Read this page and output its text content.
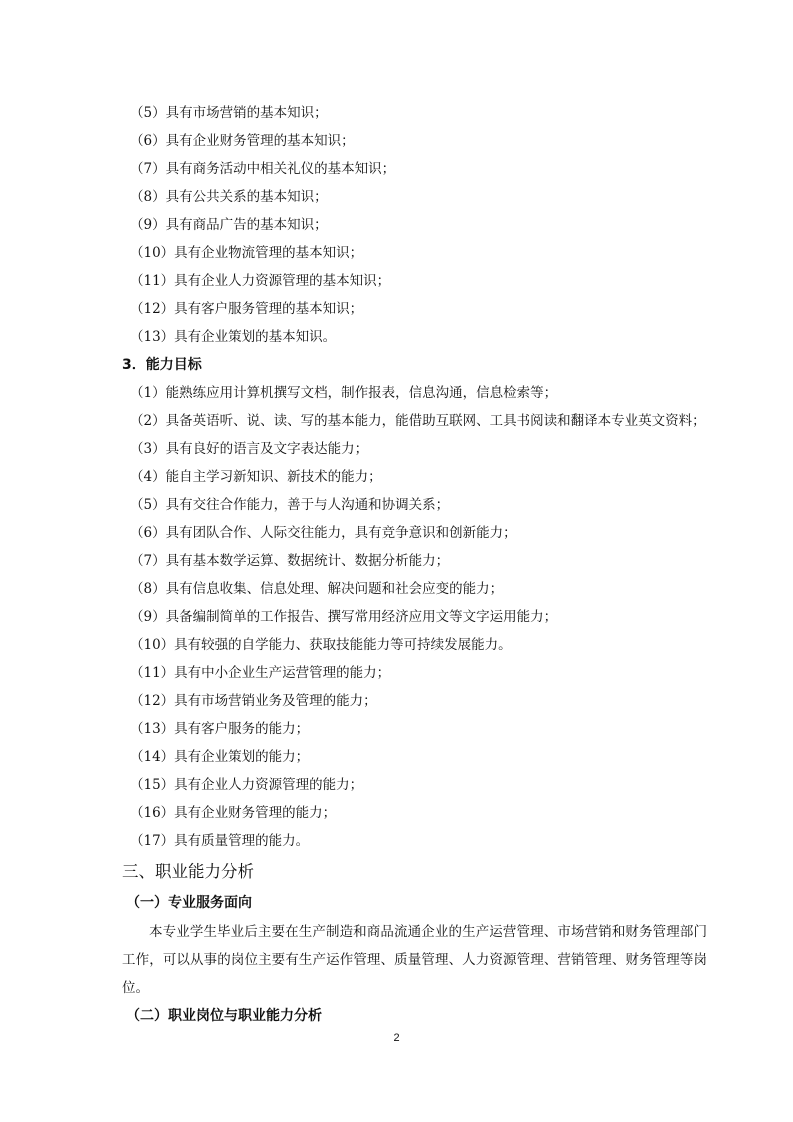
（5）具有市场营销的基本知识；
（6）具有企业财务管理的基本知识；
（7）具有商务活动中相关礼仪的基本知识；
（8）具有公共关系的基本知识；
（9）具有商品广告的基本知识；
（10）具有企业物流管理的基本知识；
（11）具有企业人力资源管理的基本知识；
（12）具有客户服务管理的基本知识；
（13）具有企业策划的基本知识。
3．能力目标
（1）能熟练应用计算机撰写文档，制作报表，信息沟通，信息检索等；
（2）具备英语听、说、读、写的基本能力，能借助互联网、工具书阅读和翻译本专业英文资料；
（3）具有良好的语言及文字表达能力；
（4）能自主学习新知识、新技术的能力；
（5）具有交往合作能力，善于与人沟通和协调关系；
（6）具有团队合作、人际交往能力，具有竞争意识和创新能力；
（7）具有基本数学运算、数据统计、数据分析能力；
（8）具有信息收集、信息处理、解决问题和社会应变的能力；
（9）具备编制简单的工作报告、撰写常用经济应用文等文字运用能力；
（10）具有较强的自学能力、获取技能能力等可持续发展能力。
（11）具有中小企业生产运营管理的能力；
（12）具有市场营销业务及管理的能力；
（13）具有客户服务的能力；
（14）具有企业策划的能力；
（15）具有企业人力资源管理的能力；
（16）具有企业财务管理的能力；
（17）具有质量管理的能力。
三、职业能力分析
（一）专业服务面向
本专业学生毕业后主要在生产制造和商品流通企业的生产运营管理、市场营销和财务管理部门工作，可以从事的岗位主要有生产运作管理、质量管理、人力资源管理、营销管理、财务管理等岗位。
（二）职业岗位与职业能力分析
2
